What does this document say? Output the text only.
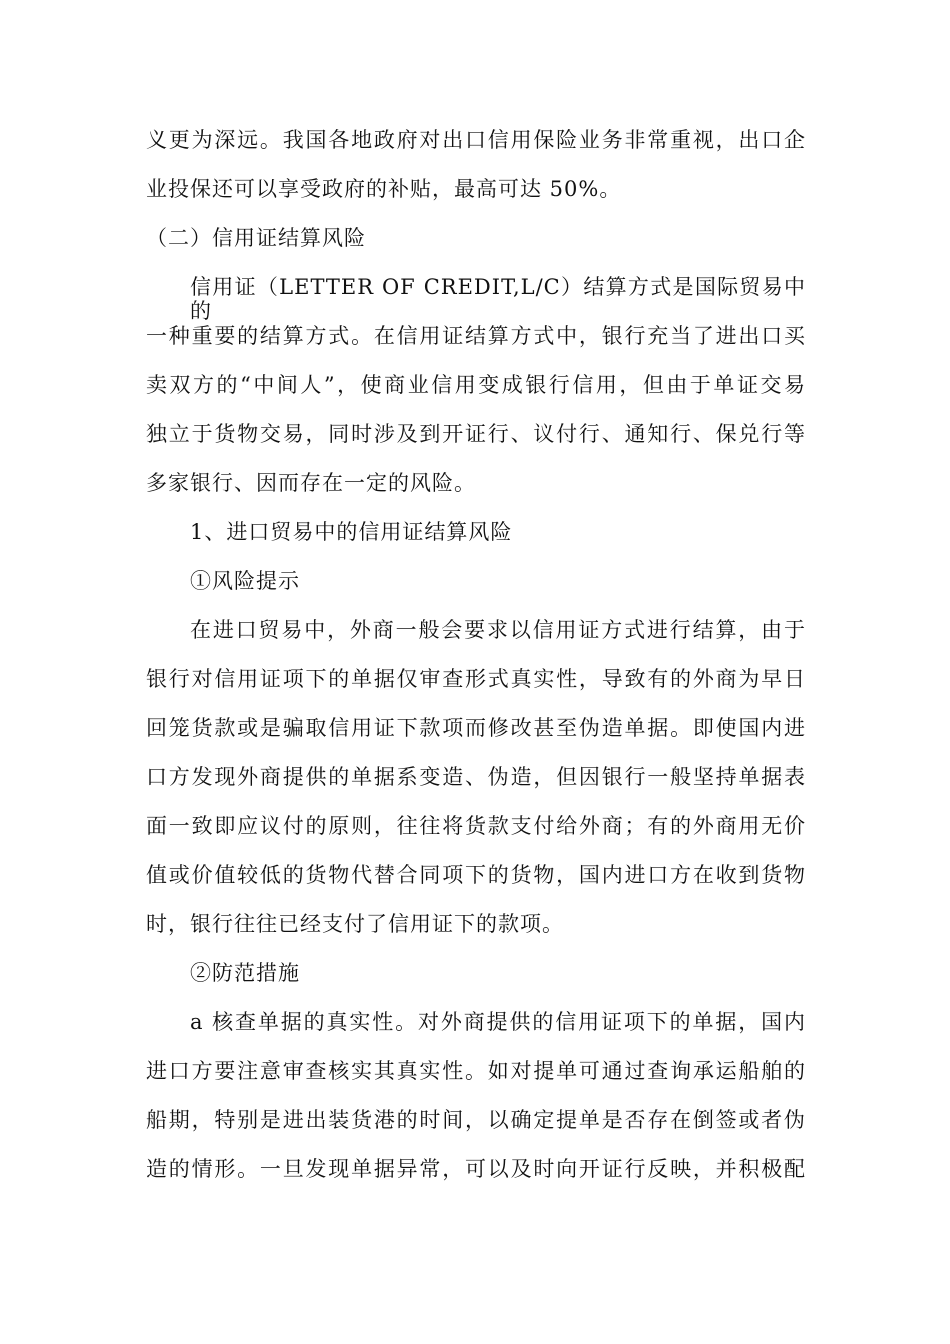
义更为深远。我国各地政府对出口信用保险业务非常重视，出口企
业投保还可以享受政府的补贴，最高可达 50%。
（二）信用证结算风险
信用证（LETTER OF CREDIT,L/C）结算方式是国际贸易中的
一种重要的结算方式。在信用证结算方式中，银行充当了进出口买
卖双方的“中间人”，使商业信用变成银行信用，但由于单证交易
独立于货物交易，同时涉及到开证行、议付行、通知行、保兑行等
多家银行、因而存在一定的风险。
1、进口贸易中的信用证结算风险
①风险提示
在进口贸易中，外商一般会要求以信用证方式进行结算，由于
银行对信用证项下的单据仅审查形式真实性，导致有的外商为早日
回笼货款或是骗取信用证下款项而修改甚至伪造单据。即使国内进
口方发现外商提供的单据系变造、伪造，但因银行一般坚持单据表
面一致即应议付的原则，往往将货款支付给外商；有的外商用无价
值或价值较低的货物代替合同项下的货物，国内进口方在收到货物
时，银行往往已经支付了信用证下的款项。
②防范措施
a 核查单据的真实性。对外商提供的信用证项下的单据，国内
进口方要注意审查核实其真实性。如对提单可通过查询承运船舶的
船期，特别是进出装货港的时间，以确定提单是否存在倒签或者伪
造的情形。一旦发现单据异常，可以及时向开证行反映，并积极配
